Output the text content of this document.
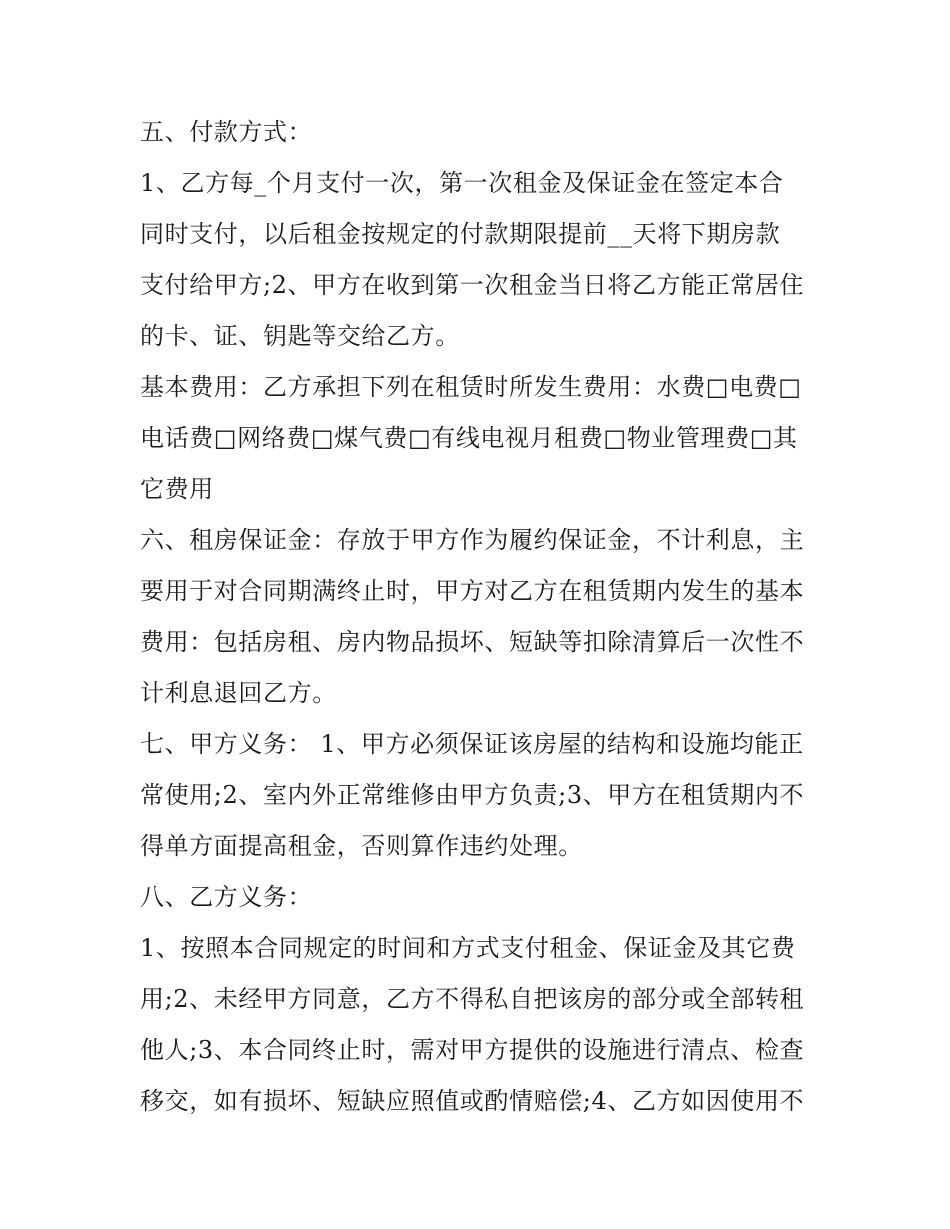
五、付款方式：
1、乙方每_个月支付一次，第一次租金及保证金在签定本合
同时支付，以后租金按规定的付款期限提前__天将下期房款
支付给甲方;2、甲方在收到第一次租金当日将乙方能正常居住
的卡、证、钥匙等交给乙方。
基本费用：乙方承担下列在租赁时所发生费用：水费□电费□
电话费□网络费□煤气费□有线电视月租费□物业管理费□其
它费用
六、租房保证金：存放于甲方作为履约保证金，不计利息，主
要用于对合同期满终止时，甲方对乙方在租赁期内发生的基本
费用：包括房租、房内物品损坏、短缺等扣除清算后一次性不
计利息退回乙方。
七、甲方义务： 1、甲方必须保证该房屋的结构和设施均能正
常使用;2、室内外正常维修由甲方负责;3、甲方在租赁期内不
得单方面提高租金，否则算作违约处理。
八、乙方义务：
1、按照本合同规定的时间和方式支付租金、保证金及其它费
用;2、未经甲方同意，乙方不得私自把该房的部分或全部转租
他人;3、本合同终止时，需对甲方提供的设施进行清点、检查
移交，如有损坏、短缺应照值或酌情赔偿;4、乙方如因使用不
